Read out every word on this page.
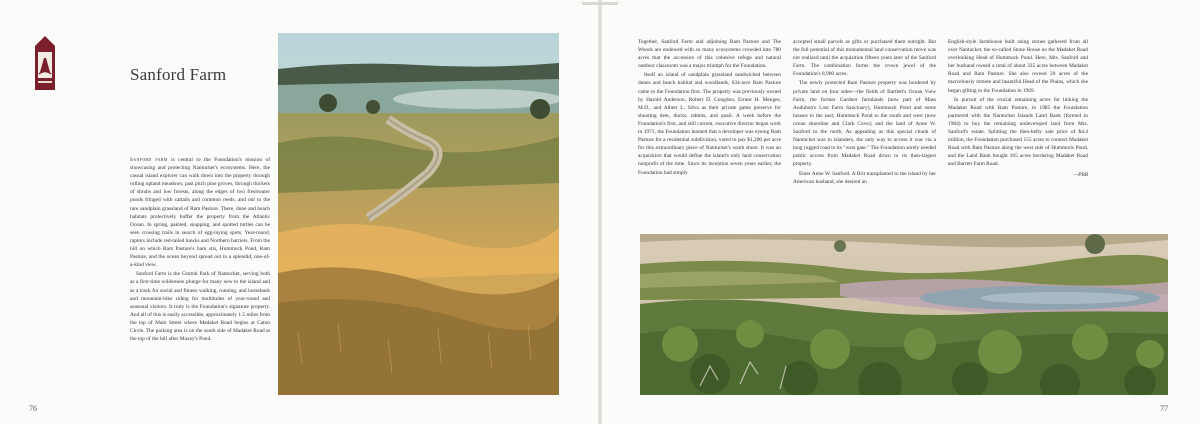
Sanford Farm

Sanford farm is central to the Foundation's mission of showcasing and protecting Nantucket's ecosystems. Here, the casual island explorer can walk down into the property through rolling upland meadows, past pitch pine groves, through thickets of shrubs and low forests, along the edges of two freshwater ponds fringed with cattails and common reeds, and out to the rare sandplain grassland of Ram Pasture. There, dune and beach habitats protectively buffer the property from the Atlantic Ocean. In spring, painted, snapping, and spotted turtles can be seen crossing trails in search of egg-laying spots. Year-round, raptors include red-tailed hawks and Northern harriers. From the hill on which Ram Pasture's barn sits, Hummock Pond, Ram Pasture, and the ocean beyond spread out in a splendid, one-of-a-kind view.

Sanford Farm is the Central Park of Nantucket, serving both as a first-time wilderness plunge for many new to the island and as a track for social and fitness walking, running, and horseback and mountain-bike riding for multitudes of year-round and seasonal visitors. It truly is the Foundation's signature property. And all of this is easily accessible, approximately 1.5 miles from the top of Main Street where Madaket Road begins at Caton Circle. The parking area is on the south side of Madaket Road at the top of the hill after Maxey's Pond.

76

Together, Sanford Farm and adjoining Ram Pasture and The Woods are endowed with so many ecosystems crowded into 780 acres that the accession of this cohesive refuge and natural outdoor classroom was a major triumph for the Foundation.

Itself an island of sandplain grassland sandwiched between dunes and beach habitat and woodlands, 634-acre Ram Pasture came to the Foundation first. The property was previously owned by Harold Anderson, Robert D. Congdon, Ernest H. Menges, M.D., and Albert L. Silva as their private game preserve for shooting deer, ducks, rabbits, and quail. A week before the Foundation's first, and still current, executive director began work in 1971, the Foundation learned that a developer was eyeing Ram Pasture for a residential subdivision, voted to pay $1,200 per acre for this extraordinary piece of Nantucket's south shore. It was an acquisition that would define the island's only land conservation nonprofit of the time. Since its inception seven years earlier, the Foundation had simply

accepted small parcels as gifts or purchased them outright. But the full potential of this monumental land conservation move was not realized until the acquisition fifteen years later of the Sanford Farm. The combination forms the crown jewel of the Foundation's 8,900 acres.

The newly protected Ram Pasture property was bordered by private land on four sides—the fields of Bartlett's Ocean View Farm, the former Gardner farmlands (now part of Mass Audubon's Lost Farm Sanctuary), Hummock Pond and some houses to the east; Hummock Pond to the south and west (now ocean shoreline and Clark Cove); and the land of Anne W. Sanford to the north. As appealing as this special chunk of Nantucket was to islanders, the only way to access it was via a long rugged road to its "west gate." The Foundation sorely needed public access from Madaket Road down to its then-largest property.

Enter Anne W. Sanford. A Brit transplanted to the island by her American husband, she desired an

English-style farmhouse built using stones gathered from all over Nantucket, the so-called Stone House on the Madaket Road overlooking Head of Hummock Pond. Here, Mrs. Sanford and her husband owned a total of about 325 acres between Madaket Road and Ram Pasture. She also owned 20 acres of the marvelously remote and beautiful Head of the Plains, which she began gifting to the Foundation in 1969.

In pursuit of the crucial remaining acres for linking the Madaket Road with Ram Pasture, in 1985 the Foundation partnered with the Nantucket Islands Land Bank (formed in 1984) to buy the remaining undeveloped land from Mrs. Sanford's estate. Splitting the then-hefty sale price of $4.4 million, the Foundation purchased 155 acres to connect Madaket Road with Ram Pasture along the west side of Hummock Pond, and the Land Bank bought 165 acres bordering Madaket Road and Barrett Farm Road.

—PBB
77
